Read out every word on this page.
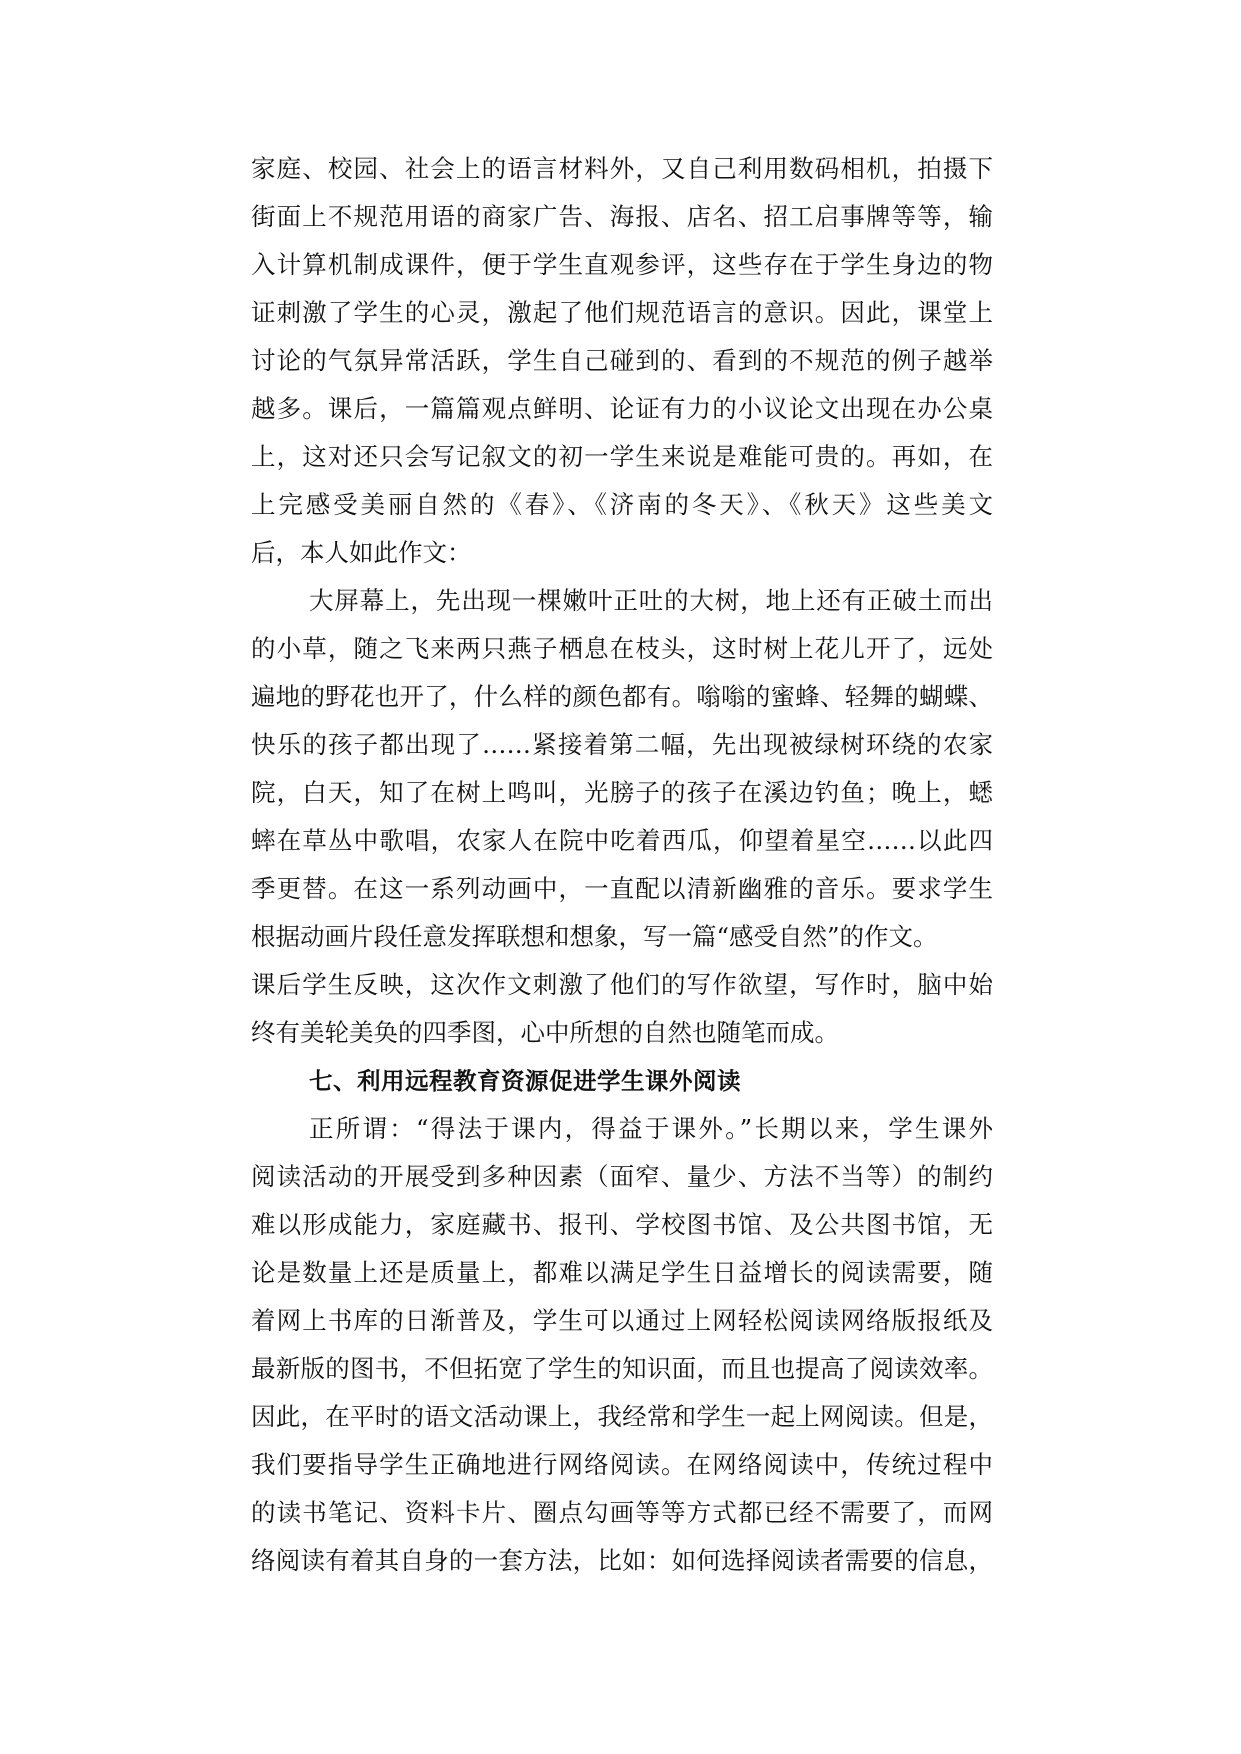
家庭、校园、社会上的语言材料外，又自己利用数码相机，拍摄下
街面上不规范用语的商家广告、海报、店名、招工启事牌等等，输
入计算机制成课件，便于学生直观参评，这些存在于学生身边的物
证刺激了学生的心灵，激起了他们规范语言的意识。因此，课堂上
讨论的气氛异常活跃，学生自己碰到的、看到的不规范的例子越举
越多。课后，一篇篇观点鲜明、论证有力的小议论文出现在办公桌
上，这对还只会写记叙文的初一学生来说是难能可贵的。再如，在
上完感受美丽自然的《春》、《济南的冬天》、《秋天》这些美文
后，本人如此作文：
大屏幕上，先出现一棵嫩叶正吐的大树，地上还有正破土而出
的小草，随之飞来两只燕子栖息在枝头，这时树上花儿开了，远处
遍地的野花也开了，什么样的颜色都有。嗡嗡的蜜蜂、轻舞的蝴蝶、
快乐的孩子都出现了……紧接着第二幅，先出现被绿树环绕的农家
院，白天，知了在树上鸣叫，光膀子的孩子在溪边钓鱼；晚上，蟋
蟀在草丛中歌唱，农家人在院中吃着西瓜，仰望着星空……以此四
季更替。在这一系列动画中，一直配以清新幽雅的音乐。要求学生
根据动画片段任意发挥联想和想象，写一篇“感受自然”的作文。
课后学生反映，这次作文刺激了他们的写作欲望，写作时，脑中始
终有美轮美奂的四季图，心中所想的自然也随笔而成。
七、利用远程教育资源促进学生课外阅读
正所谓：“得法于课内，得益于课外。”长期以来，学生课外
阅读活动的开展受到多种因素（面窄、量少、方法不当等）的制约
难以形成能力，家庭藏书、报刊、学校图书馆、及公共图书馆，无
论是数量上还是质量上，都难以满足学生日益增长的阅读需要，随
着网上书库的日渐普及，学生可以通过上网轻松阅读网络版报纸及
最新版的图书，不但拓宽了学生的知识面，而且也提高了阅读效率。
因此，在平时的语文活动课上，我经常和学生一起上网阅读。但是，
我们要指导学生正确地进行网络阅读。在网络阅读中，传统过程中
的读书笔记、资料卡片、圈点勾画等等方式都已经不需要了，而网
络阅读有着其自身的一套方法，比如：如何选择阅读者需要的信息，
